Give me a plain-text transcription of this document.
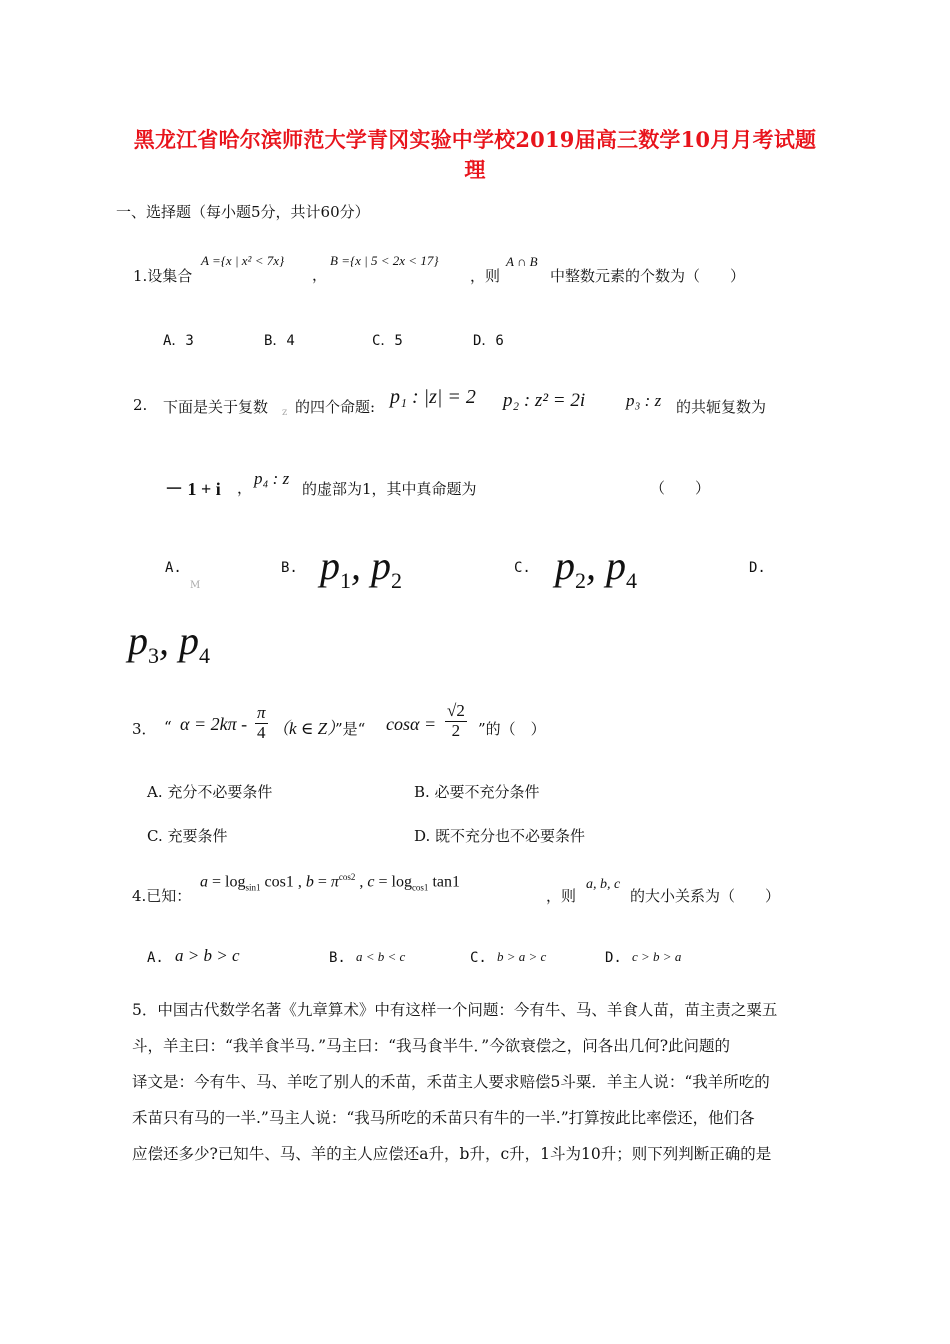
黑龙江省哈尔滨师范大学青冈实验中学校2019届高三数学10月月考试题
理
一、选择题（每小题5分，共计60分）
1.设集合
A ={x | x² < 7x}
，
B ={x | 5 < 2x < 17}
，则
A ∩ B
中整数元素的个数为（　　）
A．3	B．4	C．5	D．6
2. 下面是关于复数 z 的四个命题: p₁ : |z| = 2 p₂ : z² = 2i p₃ : z 的共轭复数为
－ 1 + i ， p₄ : z
的虚部为1，其中真命题为	（　　）
A.
M
B. $p_1$, $p_2$	C. $p_2$, $p_4$	D.
$p_3$, $p_4$
3． “ $\alpha = 2k\pi - \frac{\pi}{4} (k$ ∈ Z）
”是“ $\cos\alpha = \frac{√2}{2}$ ”的（　）
A. 充分不必要条件	B. 必要不充分条件
C. 充要条件	D. 既不充分也不必要条件
4.已知：
$a = \log_{sin1} \cos 1$ , $b = \pi^{cos2}$ , $c = \log_{cos1} \tan 1$
，则
a, b, c
的大小关系为（　　）
A. a > b > c	B. a < b < c	C. b > a > c	D. c > b > a
5．中国古代数学名著《九章算术》中有这样一个问题：今有牛、马、羊食人苗，苗主责之粟五
斗，羊主曰：“我羊食半马．”马主曰：“我马食半牛．”今欲衰偿之，问各出几何?此问题的
译文是：今有牛、马、羊吃了别人的禾苗，禾苗主人要求赔偿5斗粟．羊主人说：“我羊所吃的
禾苗只有马的一半.”马主人说：“我马所吃的禾苗只有牛的一半.”打算按此比率偿还，他们各
应偿还多少?已知牛、马、羊的主人应偿还a升，b升，c升，1斗为10升；则下列判断正确的是
